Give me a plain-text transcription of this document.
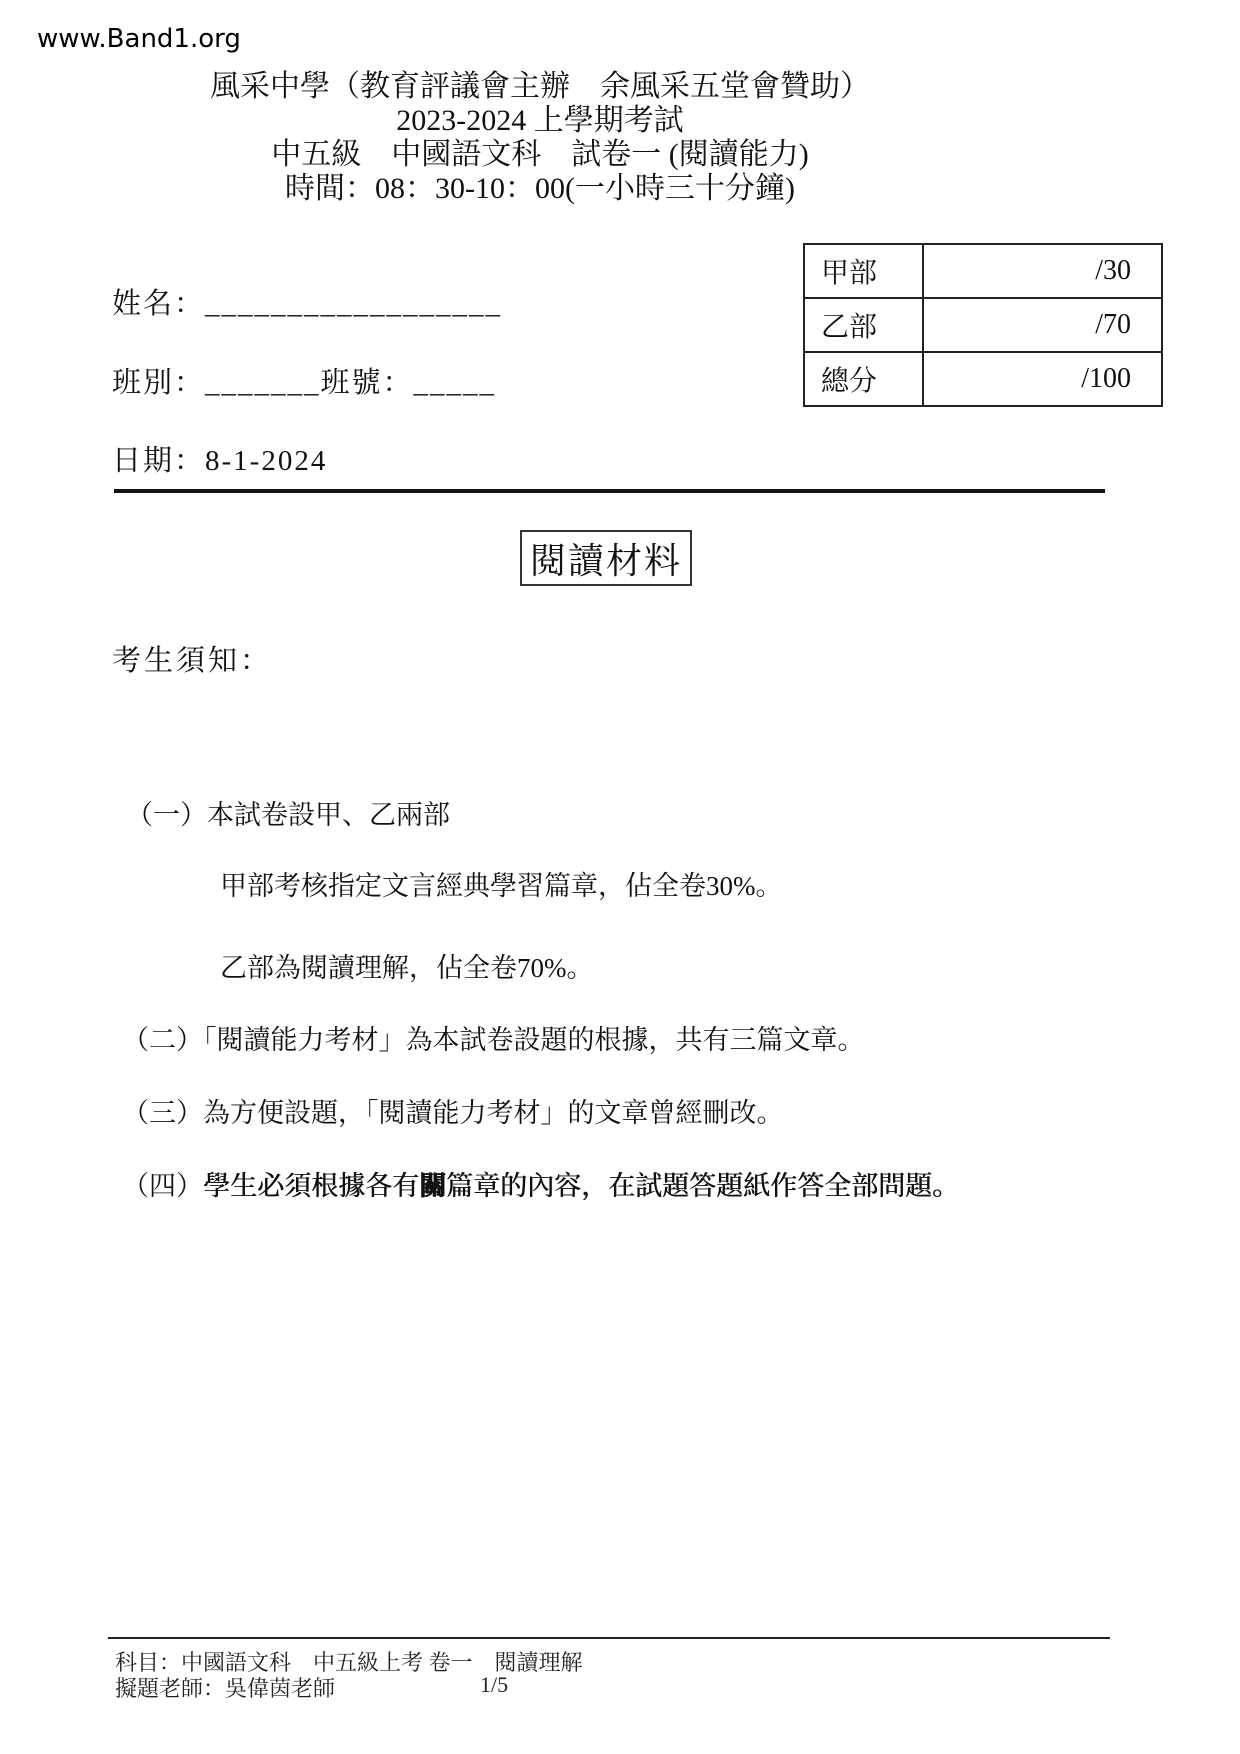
www.Band1.org
風采中學（教育評議會主辦　余風采五堂會贊助）
2023-2024 上學期考試
中五級　中國語文科　試卷一 (閱讀能力)
時間：08：30-10：00(一小時三十分鐘)
甲部	/30
乙部	/70
總分	/100
姓名：__________________
班別：_______班號：_____
日期：8-1-2024
閱讀材料
考生須知：
（一）本試卷設甲、乙兩部
甲部考核指定文言經典學習篇章，佔全卷30%。
乙部為閱讀理解，佔全卷70%。
（二）「閱讀能力考材」為本試卷設題的根據，共有三篇文章。
（三）為方便設題，「閱讀能力考材」的文章曾經刪改。
（四）學生必須根據各有關篇章的內容，在試題答題紙作答全部問題。
科目：中國語文科　中五級上考 卷一　閱讀理解
擬題老師：吳偉茵老師	1/5
